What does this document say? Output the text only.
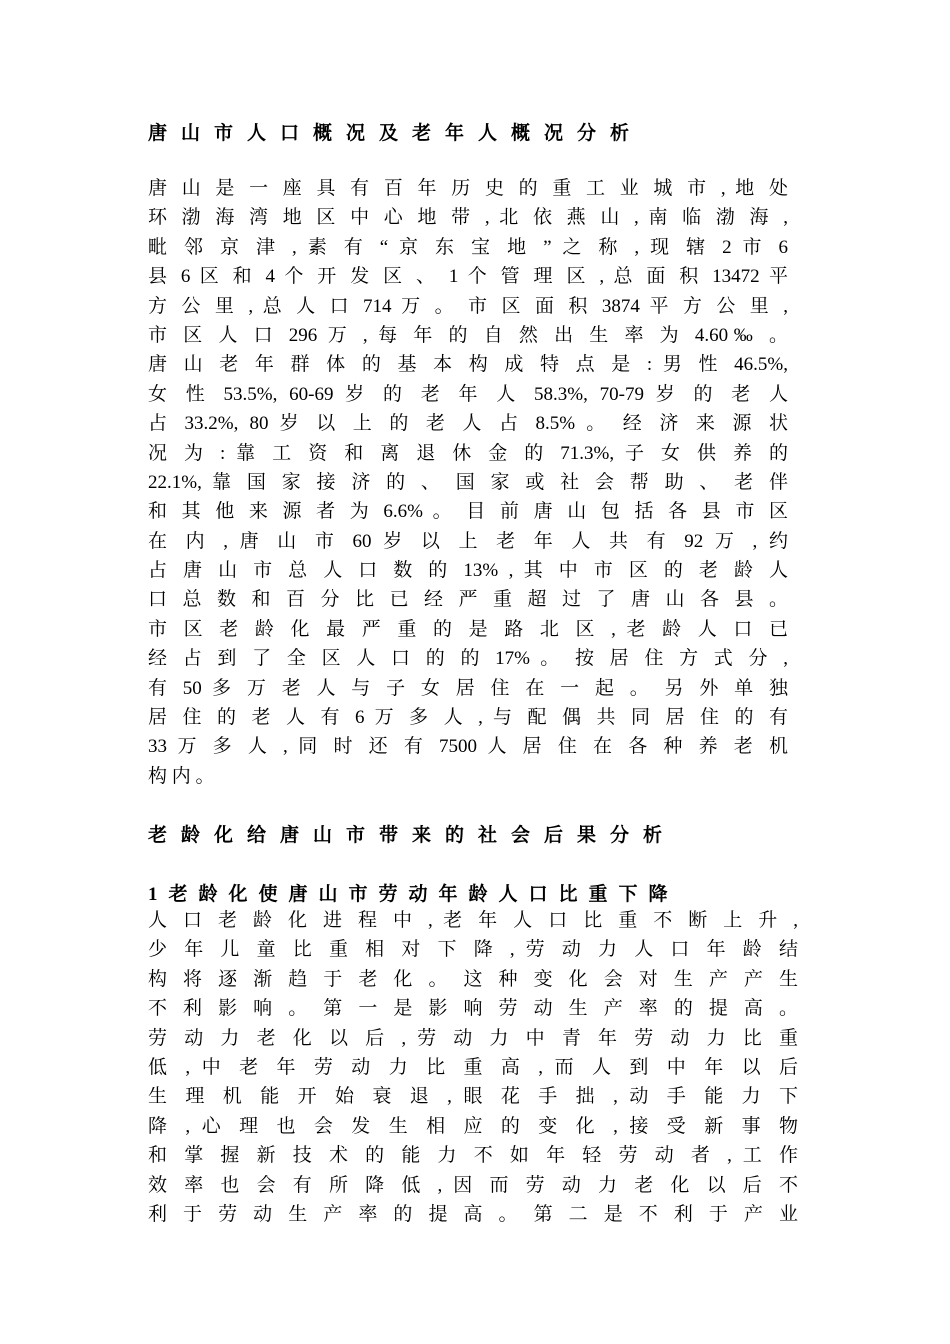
唐山市人口概况及老年人概况分析
唐 山 是 一 座 具 有 百 年 历 史 的 重 工 业 城 市 , 地 处
环 渤 海 湾 地 区 中 心 地 带 , 北 依 燕 山 , 南 临 渤 海 ,
毗 邻 京 津 , 素 有 “ 京 东 宝 地 ” 之 称 , 现 辖 2 市 6
县 6 区 和 4 个 开 发 区 、 1 个 管 理 区 , 总 面 积 13472 平
方 公 里 , 总 人 口 714 万 。 市 区 面 积 3874 平 方 公 里 ,
市 区 人 口 296 万 , 每 年 的 自 然 出 生 率 为 4.60‰ 。
唐 山 老 年 群 体 的 基 本 构 成 特 点 是 : 男 性 46.5%,
女 性 53.5%, 60-69 岁 的 老 年 人 58.3%, 70-79 岁 的 老 人
占 33.2%, 80 岁 以 上 的 老 人 占 8.5% 。 经 济 来 源 状
况 为 : 靠 工 资 和 离 退 休 金 的 71.3%, 子 女 供 养 的
22.1%, 靠 国 家 接 济 的 、 国 家 或 社 会 帮 助 、 老 伴
和 其 他 来 源 者 为 6.6% 。 目 前 唐 山 包 括 各 县 市 区
在 内 , 唐 山 市 60 岁 以 上 老 年 人 共 有 92 万 , 约
占 唐 山 市 总 人 口 数 的 13% , 其 中 市 区 的 老 龄 人
口 总 数 和 百 分 比 已 经 严 重 超 过 了 唐 山 各 县 。
市 区 老 龄 化 最 严 重 的 是 路 北 区 , 老 龄 人 口 已
经 占 到 了 全 区 人 口 的 的 17% 。 按 居 住 方 式 分 ,
有 50 多 万 老 人 与 子 女 居 住 在 一 起 。 另 外 单 独
居 住 的 老 人 有 6 万 多 人 , 与 配 偶 共 同 居 住 的 有
33 万 多 人 , 同 时 还 有 7500 人 居 住 在 各 种 养 老 机
构 内 。
老龄化给唐山市带来的社会后果分析
1老龄化使唐山市劳动年龄人口比重下降
人 口 老 龄 化 进 程 中 , 老 年 人 口 比 重 不 断 上 升 ,
少 年 儿 童 比 重 相 对 下 降 , 劳 动 力 人 口 年 龄 结
构 将 逐 渐 趋 于 老 化 。 这 种 变 化 会 对 生 产 产 生
不 利 影 响 。 第 一 是 影 响 劳 动 生 产 率 的 提 高 。
劳 动 力 老 化 以 后 , 劳 动 力 中 青 年 劳 动 力 比 重
低 , 中 老 年 劳 动 力 比 重 高 , 而 人 到 中 年 以 后
生 理 机 能 开 始 衰 退 , 眼 花 手 拙 , 动 手 能 力 下
降 , 心 理 也 会 发 生 相 应 的 变 化 , 接 受 新 事 物
和 掌 握 新 技 术 的 能 力 不 如 年 轻 劳 动 者 , 工 作
效 率 也 会 有 所 降 低 , 因 而 劳 动 力 老 化 以 后 不
利 于 劳 动 生 产 率 的 提 高 。 第 二 是 不 利 于 产 业
